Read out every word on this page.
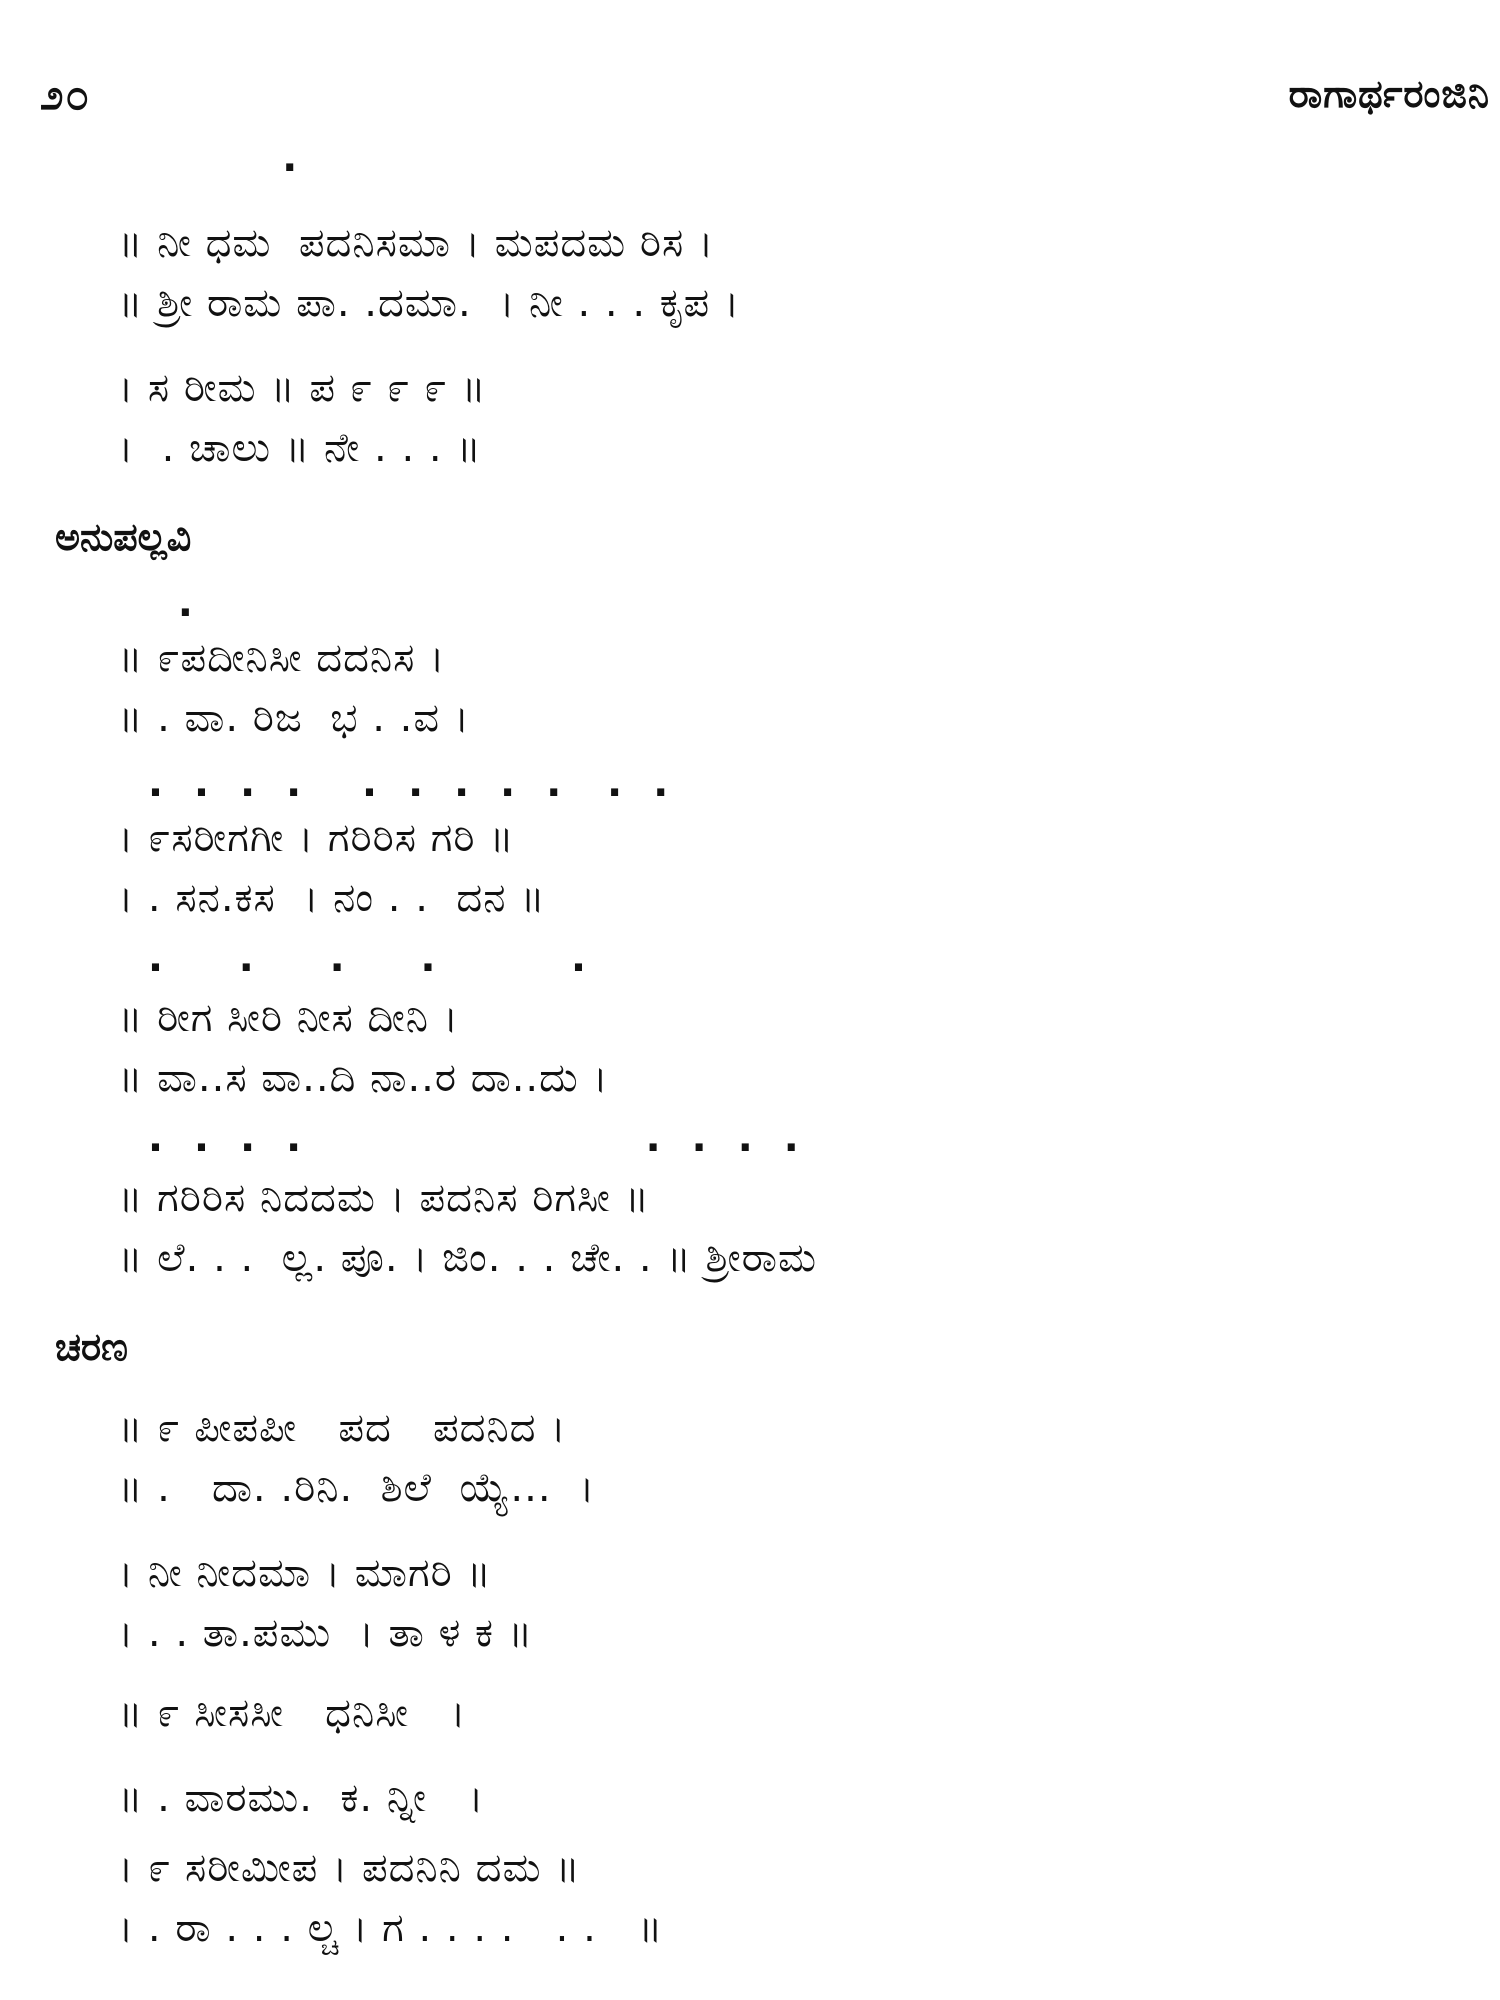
೨೦	ರಾಗಾರ್ಥರಂಜಿನಿ
.
॥ ನೀ ಧಮ  ಪದನಿಸಮಾ । ಮಪದಮ ರಿಸ ।
॥ ಶ್ರೀ ರಾಮ ಪಾ. .ದಮಾ.  । ನೀ . . . ಕೃಪ ।
। ಸ ರೀಮ ॥ ಪ ೯ ೯ ೯ ॥
।  . ಚಾಲು ॥ ನೇ . . . ॥
ಅನುಪಲ್ಲವಿ
.
॥ ೯ಪದೀನಿಸೀ ದದನಿಸ ।
॥ . ವಾ. ರಿಜ  ಭ . .ವ ।
.  .  .  .    .  .  .  .  .   .  .
। ೯ಸರೀಗಗೀ । ಗರಿರಿಸ ಗರಿ ॥
। . ಸನ.ಕಸ  । ನಂ . .  ದನ ॥
.     .     .     .         .
॥ ರೀಗ ಸೀರಿ ನೀಸ ದೀನಿ ।
॥ ವಾ..ಸ ವಾ..ದಿ ನಾ..ರ ದಾ..ದು ।
.  .  .  .                       .  .  .  .
॥ ಗರಿರಿಸ ನಿದದಮ । ಪದನಿಸ ರಿಗಸೀ ॥
॥ ಲೆ. . .  ಲ್ಲ. ಪೂ. । ಜಿಂ. . . ಚೇ. . ॥ ಶ್ರೀರಾಮ
ಚರಣ
॥ ೯ ಪೀಪಪೀ   ಪದ   ಪದನಿದ ।
॥ .   ದಾ. .ರಿನಿ.  ಶಿಲೆ  ಯ್ಯೆ...  ।
। ನೀ ನೀದಮಾ । ಮಾಗರಿ ॥
। . . ತಾ.ಪಮು  । ತಾ ಳ ಕ ॥
॥ ೯ ಸೀಸಸೀ   ಧನಿಸೀ   ।
॥ . ವಾರಮು.  ಕ. ನ್ನೀ   ।
। ೯ ಸರೀಮೀಪ । ಪದನಿನಿ ದಮ ॥
। . ರಾ . . . ಲ್ಚ । ಗ . . . .   . .   ॥
